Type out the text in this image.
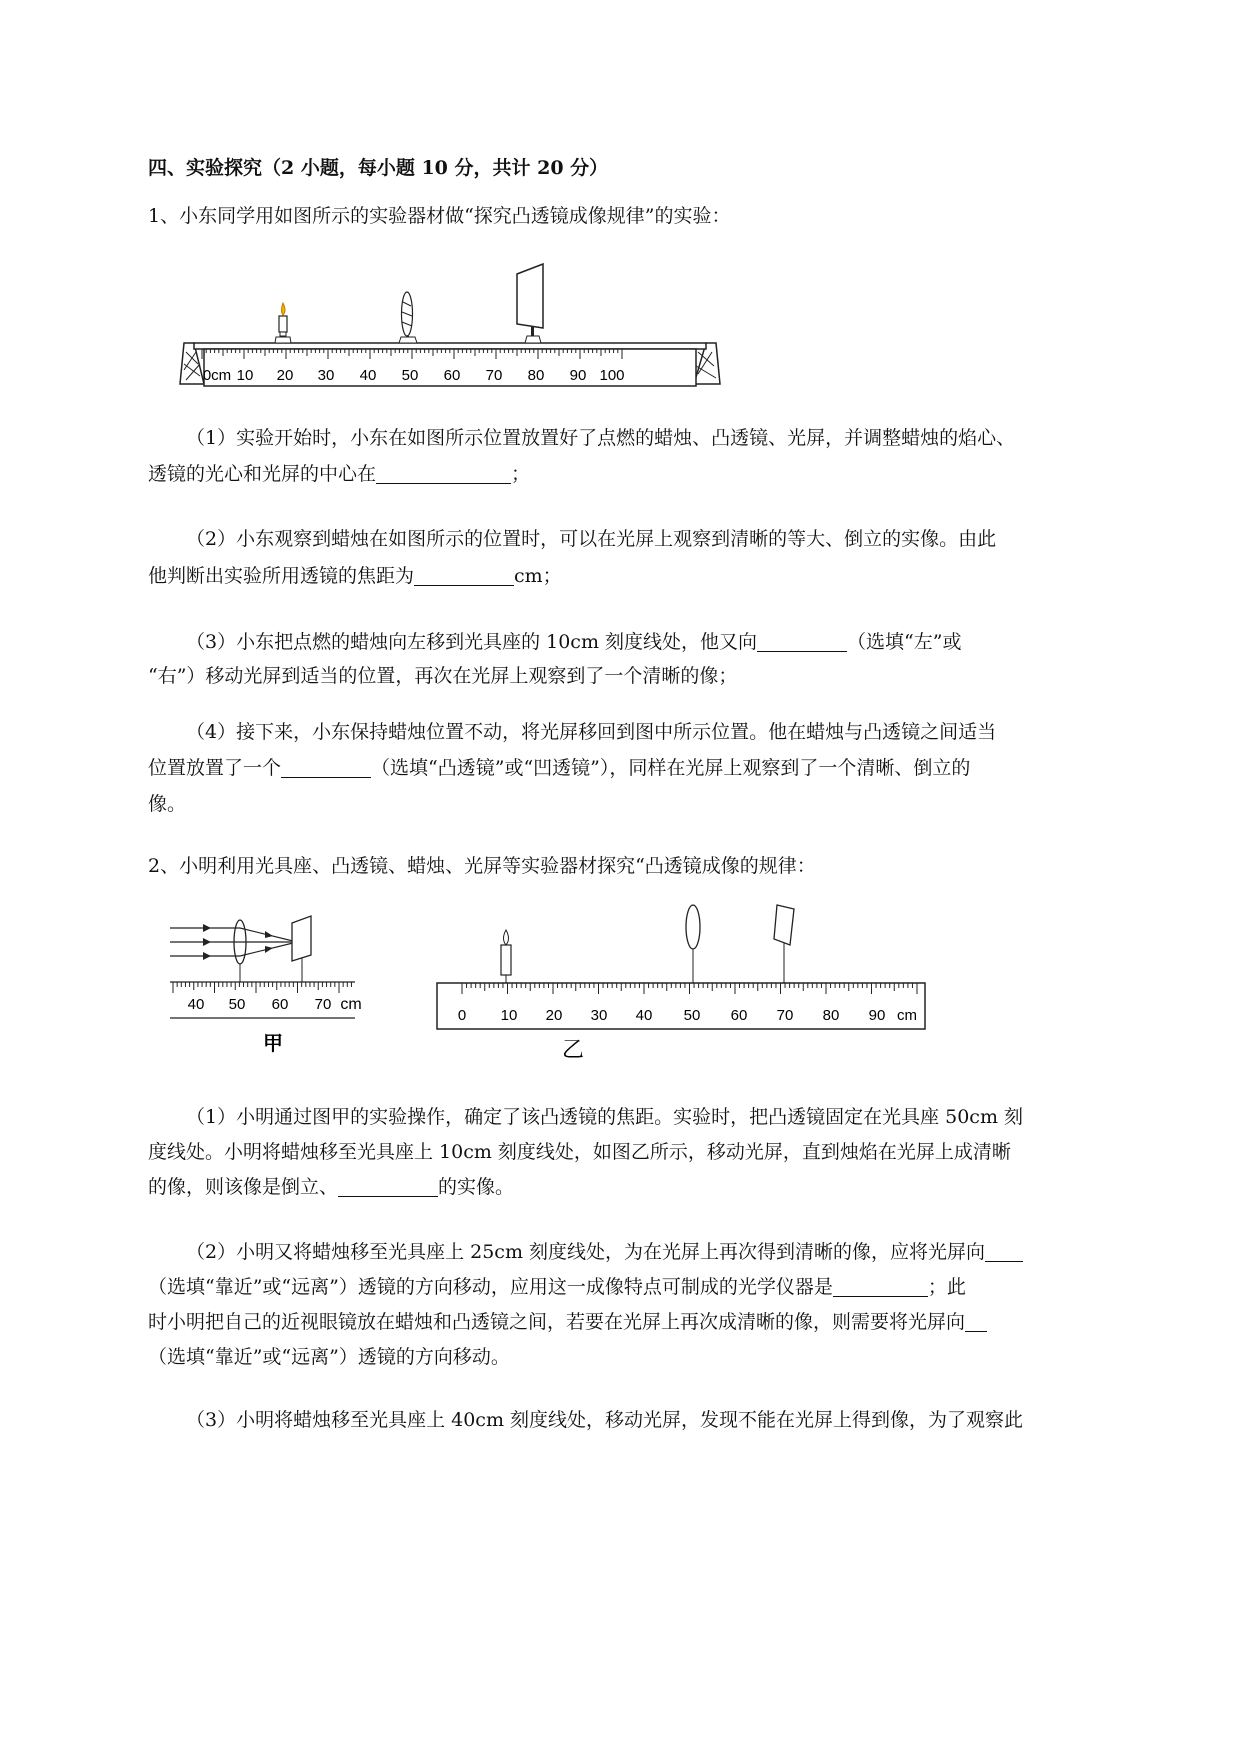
四、实验探究（2 小题，每小题 10 分，共计 20 分）
1、小东同学用如图所示的实验器材做“探究凸透镜成像规律”的实验：
0cm 10 20 30 40 50 60 70 80 90 100
（1）实验开始时，小东在如图所示位置放置好了点燃的蜡烛、凸透镜、光屏，并调整蜡烛的焰心、
透镜的光心和光屏的中心在	；
（2）小东观察到蜡烛在如图所示的位置时，可以在光屏上观察到清晰的等大、倒立的实像。由此
他判断出实验所用透镜的焦距为	cm；
（3）小东把点燃的蜡烛向左移到光具座的 10cm 刻度线处，他又向	（选填“左”或
“右”）移动光屏到适当的位置，再次在光屏上观察到了一个清晰的像；
（4）接下来，小东保持蜡烛位置不动，将光屏移回到图中所示位置。他在蜡烛与凸透镜之间适当
位置放置了一个	（选填“凸透镜”或“凹透镜”），同样在光屏上观察到了一个清晰、倒立的
像。
2、小明利用光具座、凸透镜、蜡烛、光屏等实验器材探究“凸透镜成像的规律：
40 50 60 70 cm
甲
0 10 20 30 40 50 60 70 80 90 cm
乙
（1）小明通过图甲的实验操作，确定了该凸透镜的焦距。实验时，把凸透镜固定在光具座 50cm 刻
度线处。小明将蜡烛移至光具座上 10cm 刻度线处，如图乙所示，移动光屏，直到烛焰在光屏上成清晰
的像，则该像是倒立、	的实像。
（2）小明又将蜡烛移至光具座上 25cm 刻度线处，为在光屏上再次得到清晰的像，应将光屏向
（选填“靠近”或“远离”）透镜的方向移动，应用这一成像特点可制成的光学仪器是	；此
时小明把自己的近视眼镜放在蜡烛和凸透镜之间，若要在光屏上再次成清晰的像，则需要将光屏向
（选填“靠近”或“远离”）透镜的方向移动。
（3）小明将蜡烛移至光具座上 40cm 刻度线处，移动光屏，发现不能在光屏上得到像，为了观察此
